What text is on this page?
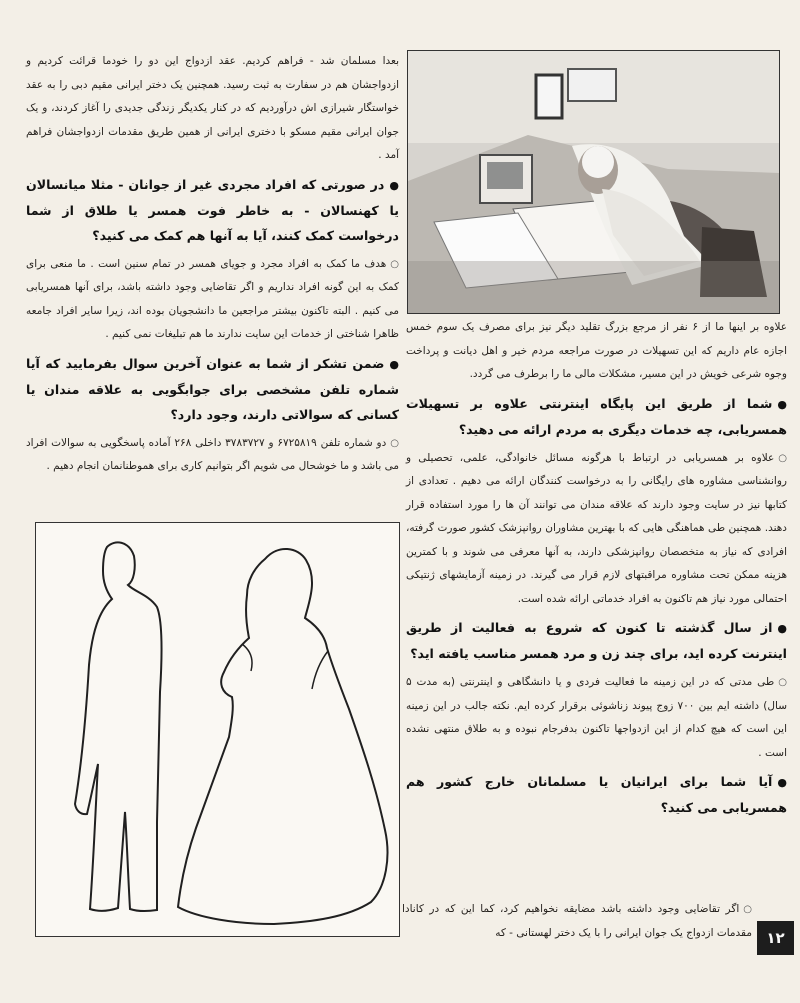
بعدا مسلمان شد - فراهم کردیم. عقد ازدواج این دو را خودما قرائت کردیم و ازدواجشان هم در سفارت به ثبت رسید. همچنین یک دختر ایرانی مقیم دبی را به عقد خواستگار شیرازی اش درآوردیم که در کنار یکدیگر زندگی جدیدی را آغاز کردند، و یک جوان ایرانی مقیم مسکو با دختری ایرانی از همین طریق مقدمات ازدواجشان فراهم آمد .

●در صورتی که افراد مجردی غیر از جوانان - مثلا میانسالان یا کهنسالان - به خاطر فوت همسر یا طلاق از شما درخواست کمک کنند، آیا به آنها هم کمک می کنید؟

○هدف ما کمک به افراد مجرد و جویای همسر در تمام سنین است . ما منعی برای کمک به این گونه افراد نداریم و اگر تقاضایی وجود داشته باشد، برای آنها همسریابی می کنیم . البته تاکنون بیشتر مراجعین ما دانشجویان بوده اند، زیرا سایر افراد جامعه ظاهرا شناختی از خدمات این سایت ندارند ما هم تبلیغات نمی کنیم .

●ضمن تشکر از شما به عنوان آخرین سوال بفرمایید که آیا شماره تلفن مشخصی برای جوابگویی به علاقه مندان یا کسانی که سوالاتی دارند، وجود دارد؟

○دو شماره تلفن ۶۷۲۵۸۱۹ و ۳۷۸۳۷۲۷ داخلی ۲۶۸ آماده پاسخگویی به سوالات افراد می باشد و ما خوشحال می شویم اگر بتوانیم کاری برای هموطنانمان انجام دهیم .

علاوه بر اینها ما از ۶ نفر از مرجع بزرگ تقلید دیگر نیز برای مصرف یک سوم خمس اجازه عام داریم که این تسهیلات در صورت مراجعه مردم خیر و اهل دیانت و پرداخت وجوه شرعی خویش در این مسیر، مشکلات مالی ما را برطرف می گردد.

●شما از طریق این پایگاه اینترنتی علاوه بر تسهیلات همسریابی، چه خدمات دیگری به مردم ارائه می دهید؟

○علاوه بر همسریابی در ارتباط با هرگونه مسائل خانوادگی، علمی، تحصیلی و روانشناسی مشاوره های رایگانی را به درخواست کنندگان ارائه می دهیم . تعدادی از کتابها نیز در سایت وجود دارند که علاقه مندان می توانند آن ها را مورد استفاده قرار دهند. همچنین طی هماهنگی هایی که با بهترین مشاوران روانپزشک کشور صورت گرفته، افرادی که نیاز به متخصصان روانپزشکی دارند، به آنها معرفی می شوند و با کمترین هزینه ممکن تحت مشاوره مراقبتهای لازم قرار می گیرند. در زمینه آزمایشهای ژنتیکی احتمالی مورد نیاز هم تاکنون به افراد خدماتی ارائه شده است.

●از سال گذشته تا کنون که شروع به فعالیت از طریق اینترنت کرده اید، برای چند زن و مرد همسر مناسب یافته اید؟

○طی مدتی که در این زمینه ما فعالیت فردی و یا دانشگاهی و اینترنتی (به مدت ۵ سال) داشته ایم بین ۷۰۰ زوج پیوند زناشوئی برقرار کرده ایم. نکته جالب در این زمینه این است که هیچ کدام از این ازدواجها تاکنون بدفرجام نبوده و به طلاق منتهی نشده است .

●آیا شما برای ایرانیان یا مسلمانان خارج کشور هم همسریابی می کنید؟

○اگر تقاضایی وجود داشته باشد مضایقه نخواهیم کرد، کما این که در کانادا مقدمات ازدواج یک جوان ایرانی را با یک دختر لهستانی - که ۱۲
